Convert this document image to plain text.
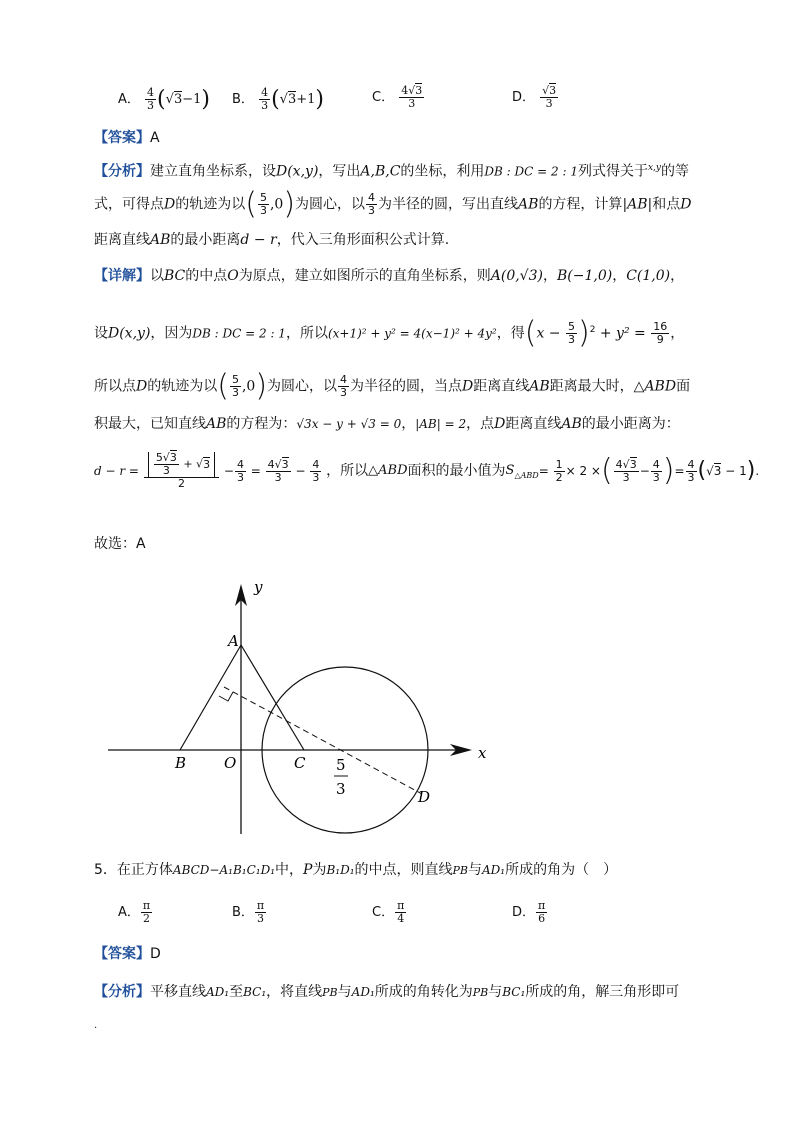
A． $\frac{4}{3} (√3-1)$ B． $\frac{4}{3} (√3+1)$	C． $\frac{4√3}{3}$	D． $\frac{√3}{3}$
【答案】A
【分析】建立直角坐标系，设D(x,y)，写出A,B,C的坐标，利用DB : DC = 2 : 1列式得关于$^{x,y}$的等
式，可得点D的轨迹为以( $\frac{5}{3} ,0$)为圆心，以 $\frac{4}{3}$ 为半径的圆，写出直线AB的方程，计算|AB|和点D
距离直线AB的最小距离d − r，代入三角形面积公式计算.
【详解】以BC的中点O为原点，建立如图所示的直角坐标系，则A(0,√3)，B(−1,0)，C(1,0)，
设D(x,y)，因为DB : DC = 2 : 1，所以(x+1)² + y² = 4(x−1)² + 4y²，得$(x - \frac{5}{3} )^2 + y^2 = \frac{16}{9}$ ，
所以点D的轨迹为以( $\frac{5}{3} ,0$)为圆心，以 $\frac{4}{3}$ 为半径的圆，当点D距离直线AB距离最大时，△ABD面
积最大，已知直线AB的方程为：√3x − y + √3 = 0，|AB| = 2，点D距离直线AB的最小距离为：
$d - r = \frac{\frac{5√3}{3} + √3}{2} - \frac{4}{3} = \frac{4√3}{3} - \frac{4}{3}$ ，所以△ABD面积的最小值为$S_{\triangle ABD}= \frac{1}{2} \times 2$ ×( $\frac{4√3}{3} - \frac{4}{3}$ )= $\frac{4}{3} (√3 - 1)$.
故选：A
y
x
A
B	O	C
D
5
3
5．在正方体ABCD−A₁B₁C₁D₁中，P为B₁D₁的中点，则直线PB与AD₁所成的角为（　）
A． $\frac{\pi}{2}$	B． $\frac{\pi}{3}$	C． $\frac{\pi}{4}$	D． $\frac{\pi}{6}$
【答案】D
【分析】平移直线AD₁至BC₁，将直线PB与AD₁所成的角转化为PB与BC₁所成的角，解三角形即可
.
